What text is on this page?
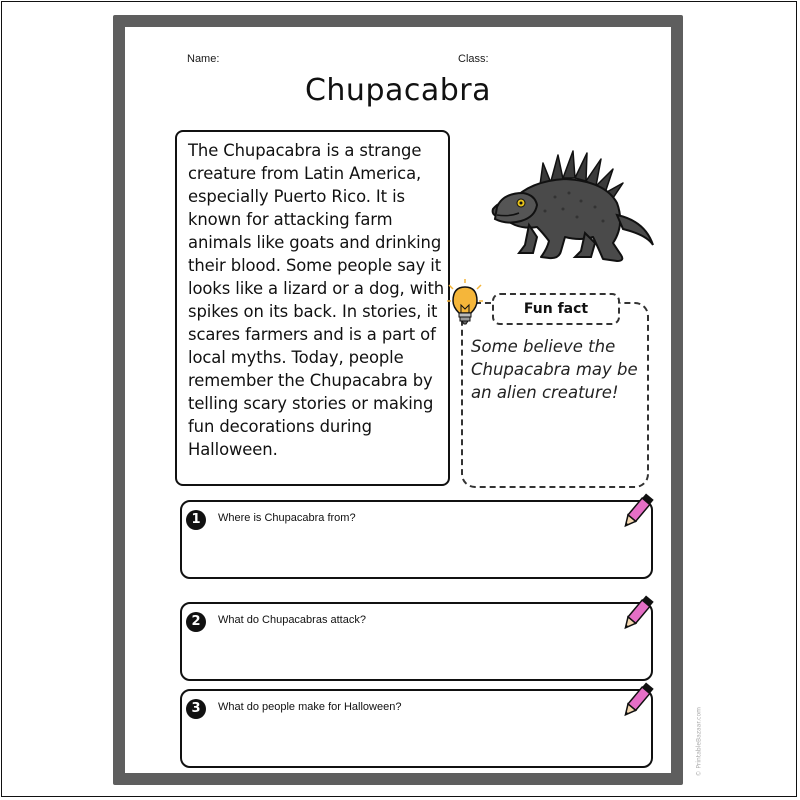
Name:	Class:
Chupacabra
The Chupacabra is a strange creature from Latin America, especially Puerto Rico. It is known for attacking farm animals like goats and drinking their blood. Some people say it looks like a lizard or a dog, with spikes on its back. In stories, it scares farmers and is a part of local myths. Today, people remember the Chupacabra by telling scary stories or making fun decorations during Halloween.
Fun fact
Some believe the Chupacabra may be an alien creature!
1	Where is Chupacabra from?
2	What do Chupacabras attack?
3	What do people make for Halloween?	© PrintableBazaar.com
